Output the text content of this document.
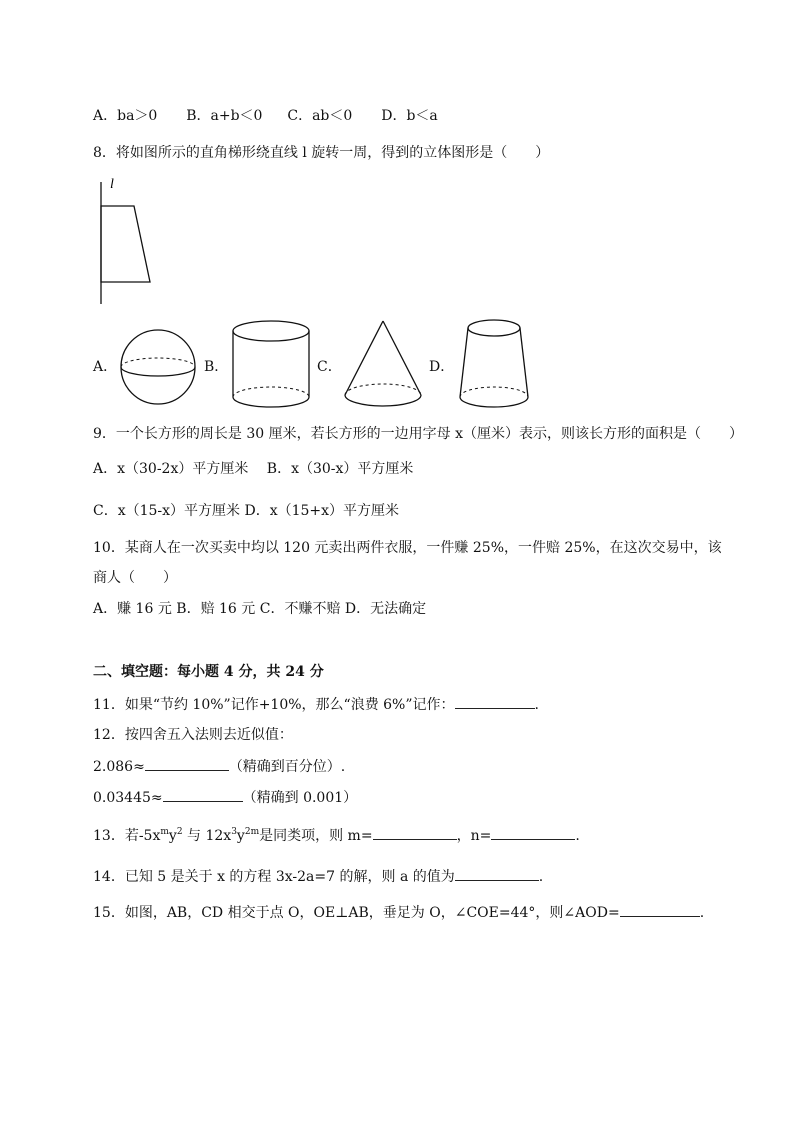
A．ba＞0 B．a+b＜0 C．ab＜0 D．b＜a
8．将如图所示的直角梯形绕直线 l 旋转一周，得到的立体图形是（　　）
l
A．	B．	C．	D．
9．一个长方形的周长是 30 厘米，若长方形的一边用字母 x（厘米）表示，则该长方形的面积是（　　）
A．x（30-2x）平方厘米　 B．x（30-x）平方厘米
C．x（15-x）平方厘米 D．x（15+x）平方厘米
10．某商人在一次买卖中均以 120 元卖出两件衣服，一件赚 25%，一件赔 25%，在这次交易中，该
商人（　　）
A．赚 16 元 B．赔 16 元 C．不赚不赔 D．无法确定
二、填空题：每小题 4 分，共 24 分
11．如果“节约 10%”记作+10%，那么“浪费 6%”记作：	.
12．按四舍五入法则去近似值：
2.086≈	（精确到百分位）.
0.03445≈	（精确到 0.001）
13．若$-5x^my^2$ 与 $12x^3y^{2m}$是同类项，则 m=	，n=	.
14．已知 5 是关于 x 的方程 3x-2a=7 的解，则 a 的值为	.
15．如图，AB，CD 相交于点 O，OE⊥AB，垂足为 O，∠COE=44°，则∠AOD=	.
